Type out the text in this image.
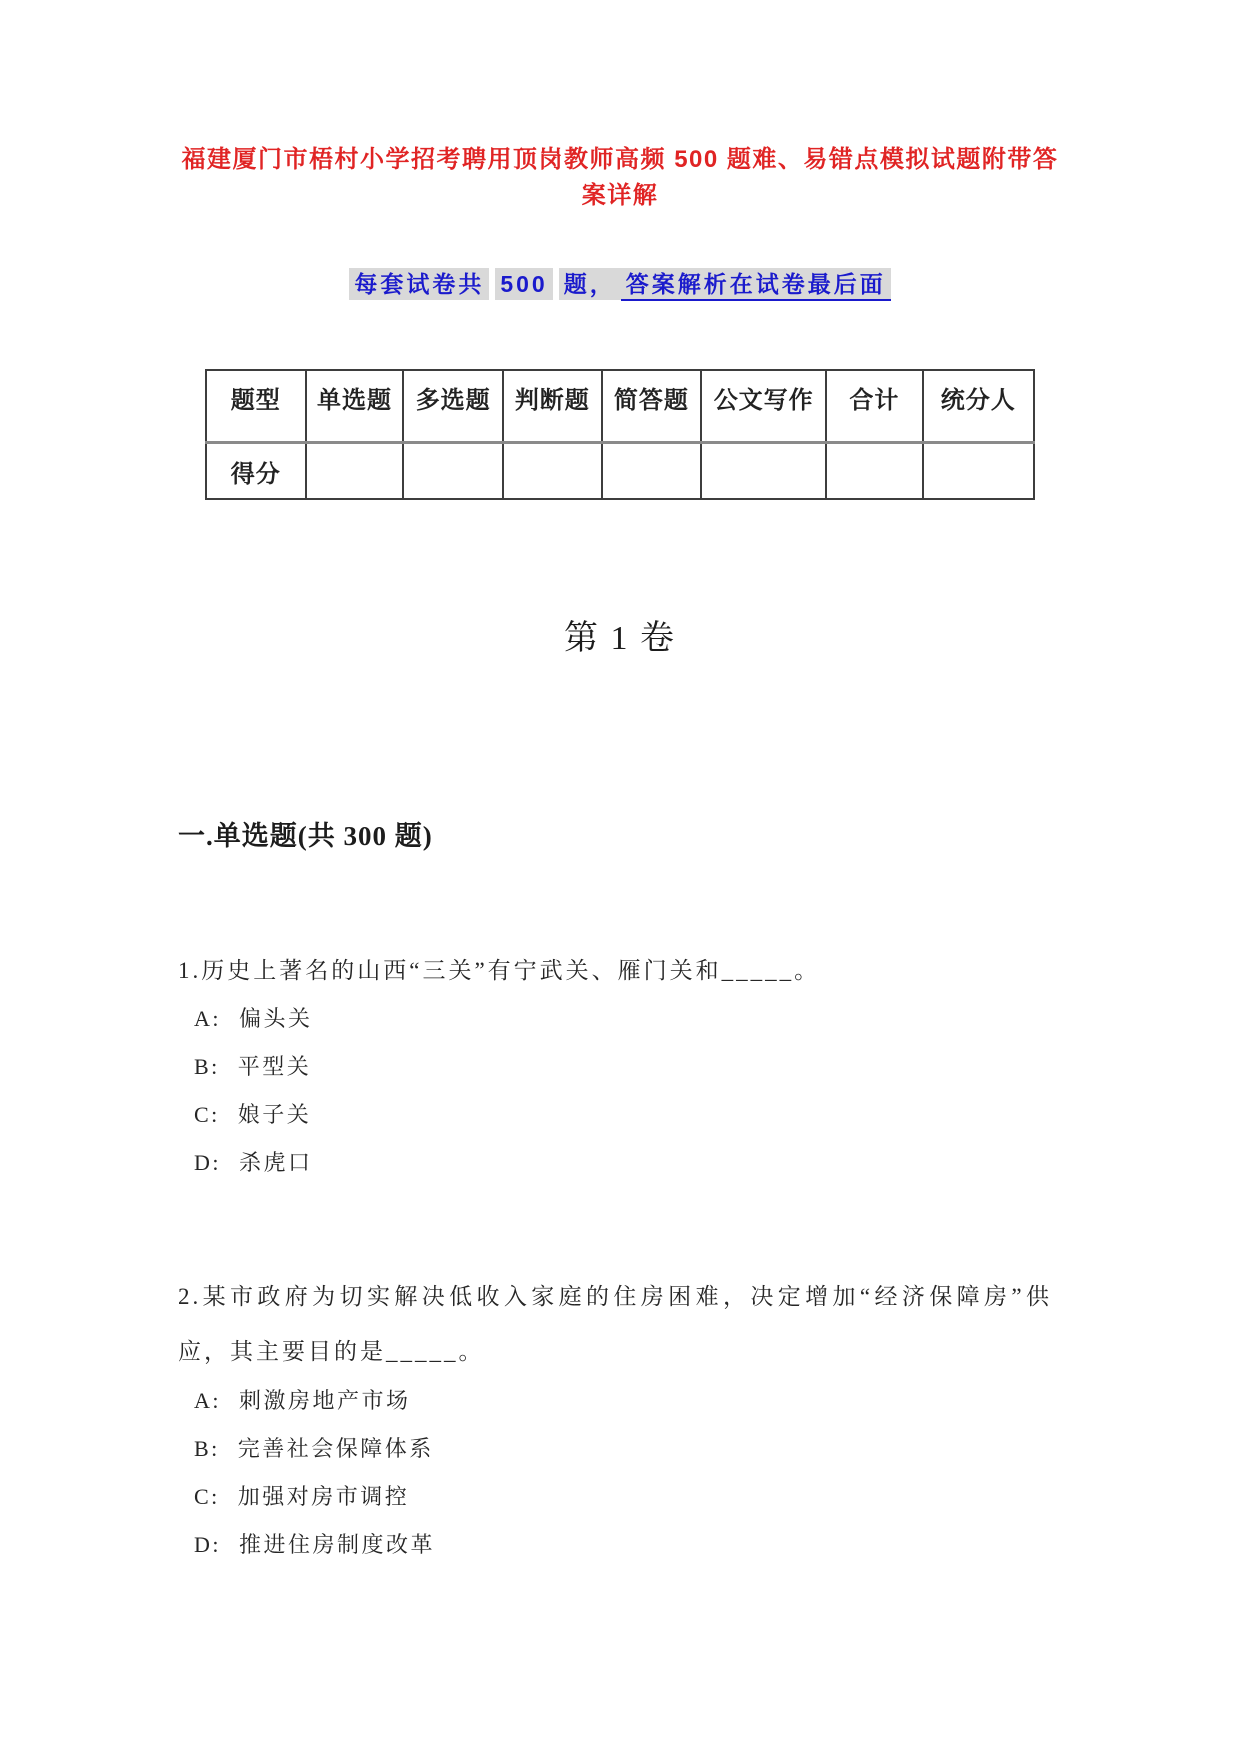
福建厦门市梧村小学招考聘用顶岗教师高频 500 题难、易错点模拟试题附带答案详解
每套试卷共 500 题， 答案解析在试卷最后面
题型	单选题	多选题	判断题	简答题	公文写作	合计	统分人
得分							
第 1 卷
一.单选题(共 300 题)

1.历史上著名的山西“三关”有宁武关、雁门关和_____。

A: 偏头关
B: 平型关
C: 娘子关
D: 杀虎口

2.某市政府为切实解决低收入家庭的住房困难，决定增加“经济保障房”供应，其主要目的是_____。

A: 刺激房地产市场
B: 完善社会保障体系
C: 加强对房市调控
D: 推进住房制度改革
